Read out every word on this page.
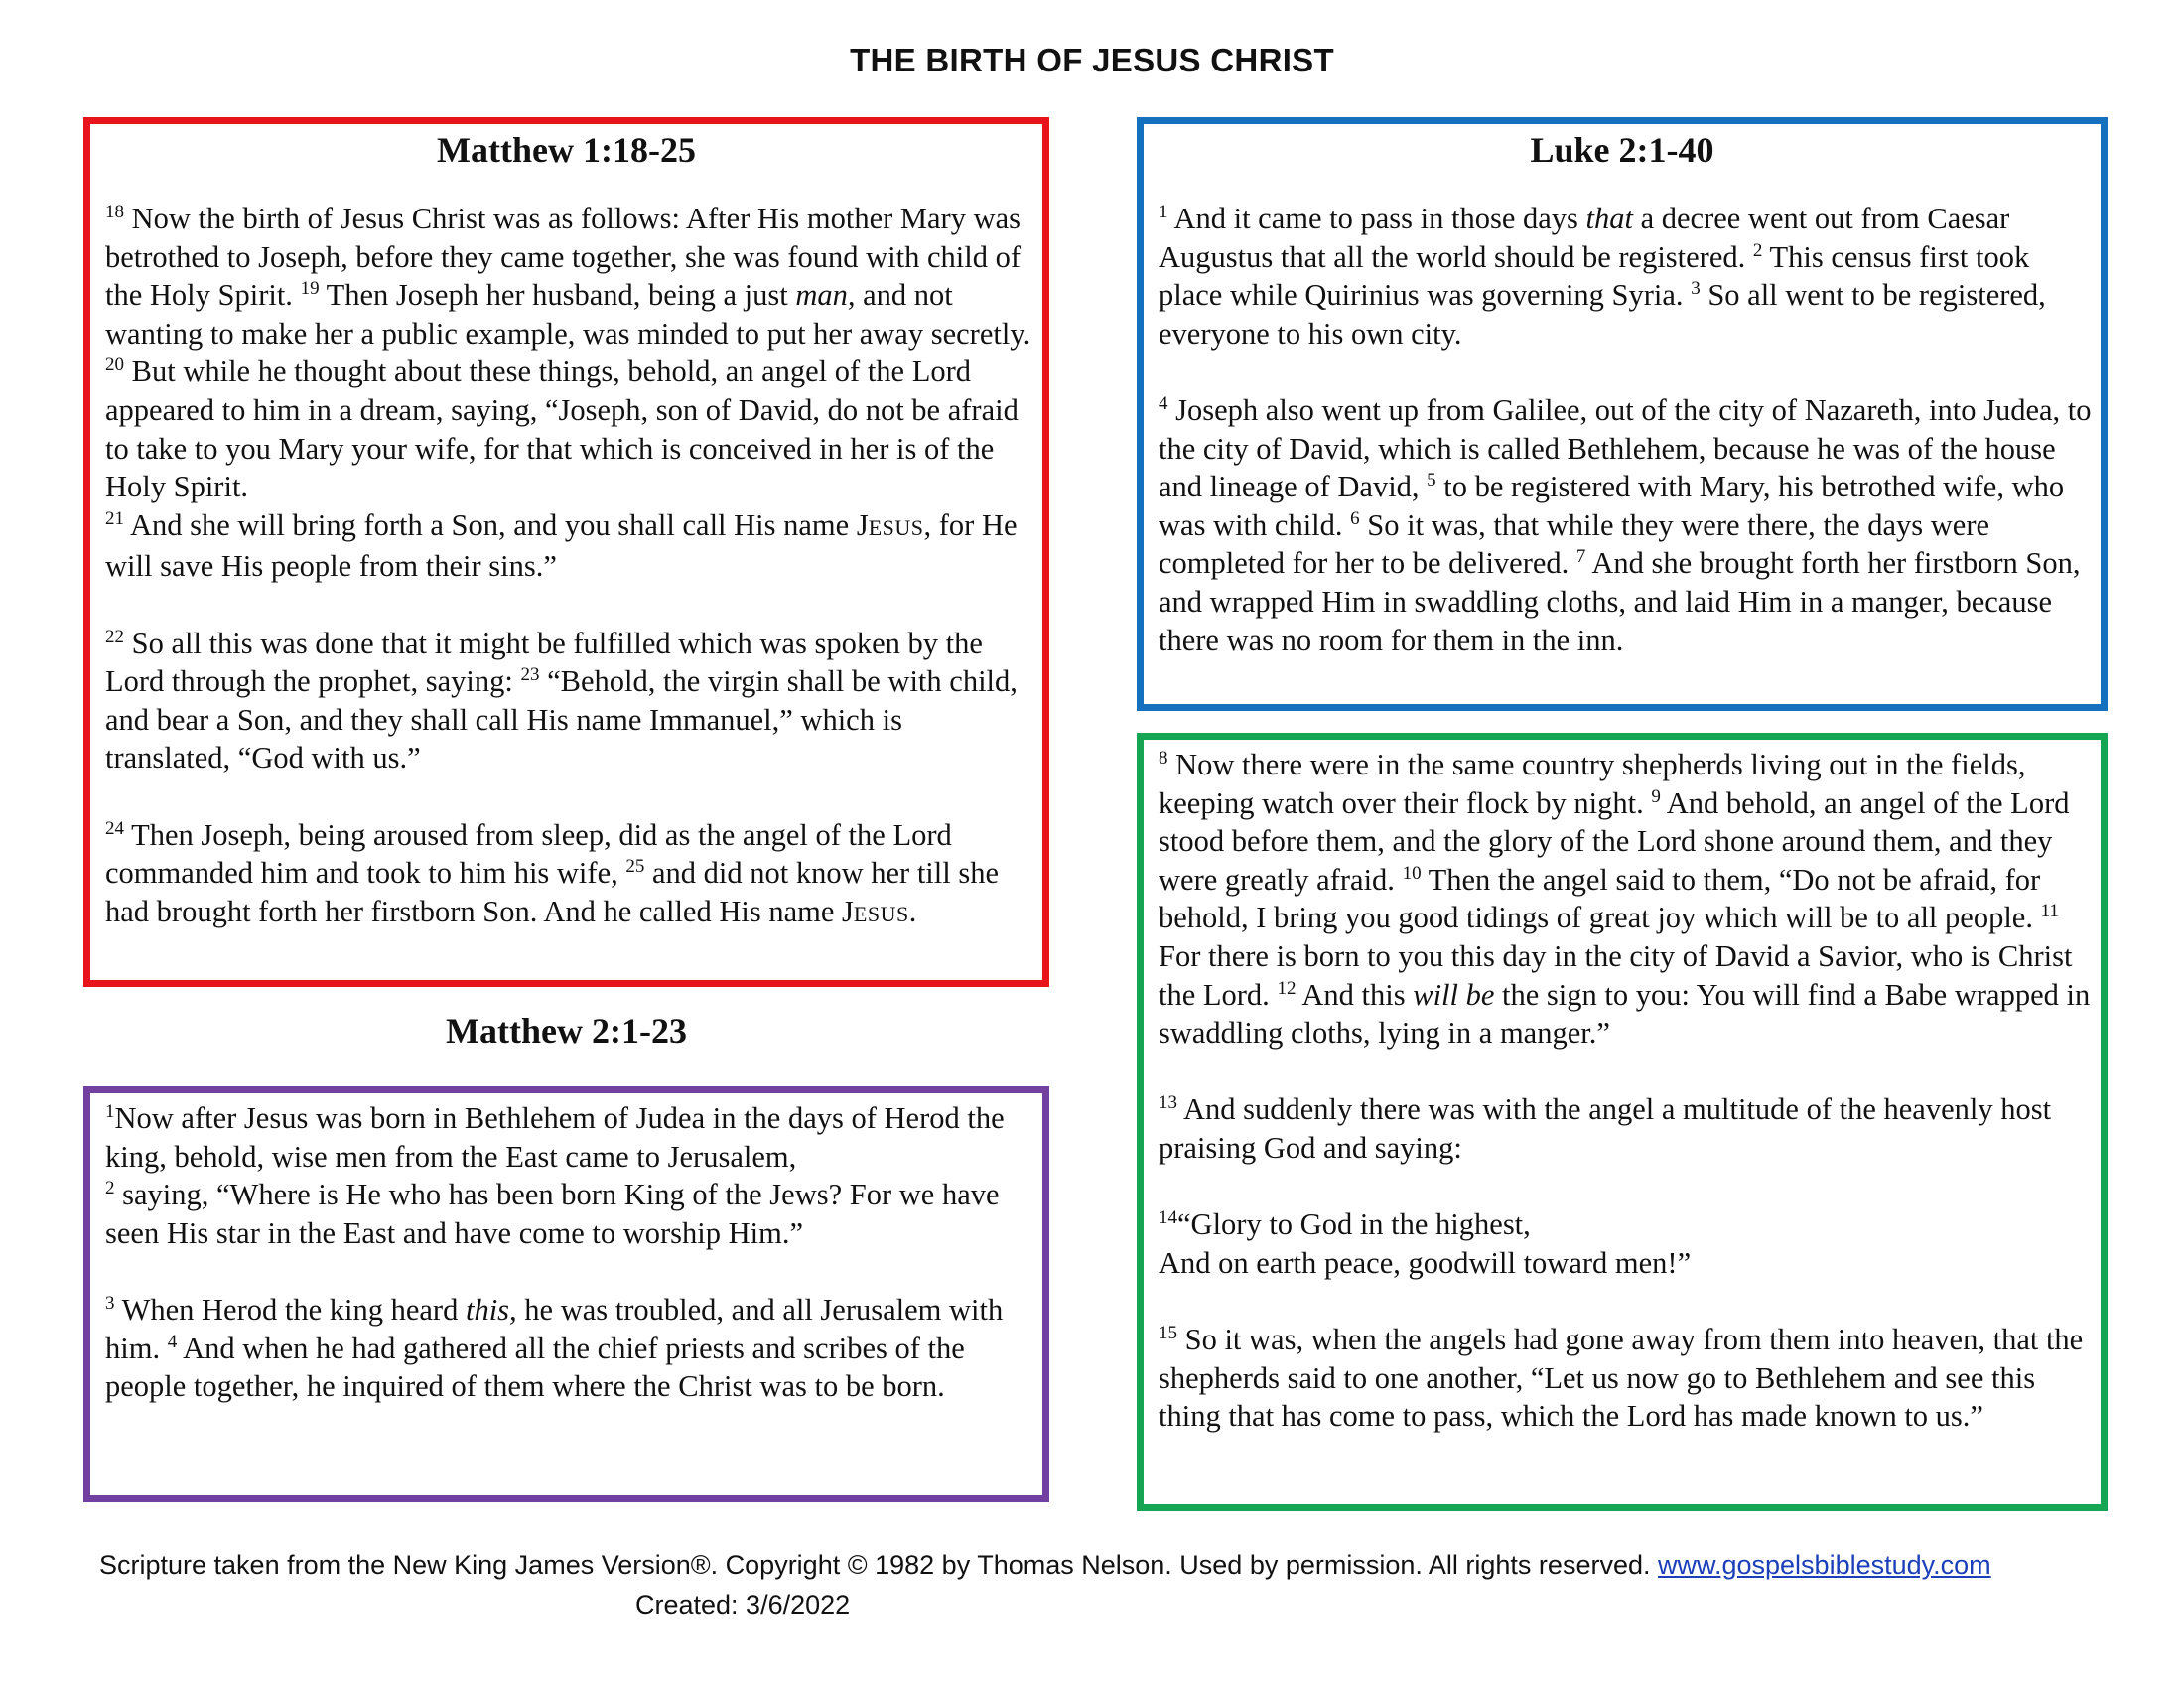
THE BIRTH OF JESUS CHRIST
Matthew 1:18-25

$^{18}$ Now the birth of Jesus Christ was as follows: After His mother Mary was betrothed to Joseph, before they came together, she was found with child of the Holy Spirit. $^{19}$ Then Joseph her husband, being a just man, and not wanting to make her a public example, was minded to put her away secretly. $^{20}$ But while he thought about these things, behold, an angel of the Lord appeared to him in a dream, saying, “Joseph, son of David, do not be afraid to take to you Mary your wife, for that which is conceived in her is of the Holy Spirit.
$^{21}$ And she will bring forth a Son, and you shall call His name JESUS, for He will save His people from their sins.”

$^{22}$ So all this was done that it might be fulfilled which was spoken by the Lord through the prophet, saying: $^{23}$ “Behold, the virgin shall be with child, and bear a Son, and they shall call His name Immanuel,” which is translated, “God with us.”

$^{24}$ Then Joseph, being aroused from sleep, did as the angel of the Lord commanded him and took to him his wife, $^{25}$ and did not know her till she had brought forth her firstborn Son. And he called His name JESUS.

Matthew 2:1-23

$^1$Now after Jesus was born in Bethlehem of Judea in the days of Herod the king, behold, wise men from the East came to Jerusalem,
$^2$ saying, “Where is He who has been born King of the Jews? For we have seen His star in the East and have come to worship Him.”

$^3$ When Herod the king heard this, he was troubled, and all Jerusalem with him. $^4$ And when he had gathered all the chief priests and scribes of the people together, he inquired of them where the Christ was to be born.

Luke 2:1-40

$^1$ And it came to pass in those days that a decree went out from Caesar Augustus that all the world should be registered. $^2$ This census first took place while Quirinius was governing Syria. $^3$ So all went to be registered, everyone to his own city.

$^4$ Joseph also went up from Galilee, out of the city of Nazareth, into Judea, to the city of David, which is called Bethlehem, because he was of the house and lineage of David, $^5$ to be registered with Mary, his betrothed wife, who was with child. $^6$ So it was, that while they were there, the days were completed for her to be delivered. $^7$ And she brought forth her firstborn Son, and wrapped Him in swaddling cloths, and laid Him in a manger, because there was no room for them in the inn.

$^8$ Now there were in the same country shepherds living out in the fields, keeping watch over their flock by night. $^9$ And behold, an angel of the Lord stood before them, and the glory of the Lord shone around them, and they were greatly afraid. $^{10}$ Then the angel said to them, “Do not be afraid, for behold, I bring you good tidings of great joy which will be to all people. $^{11}$ For there is born to you this day in the city of David a Savior, who is Christ the Lord. $^{12}$ And this will be the sign to you: You will find a Babe wrapped in swaddling cloths, lying in a manger.”

$^{13}$ And suddenly there was with the angel a multitude of the heavenly host praising God and saying:

$^{14}$“Glory to God in the highest,
And on earth peace, goodwill toward men!”

$^{15}$ So it was, when the angels had gone away from them into heaven, that the shepherds said to one another, “Let us now go to Bethlehem and see this thing that has come to pass, which the Lord has made known to us.”

Scripture taken from the New King James Version®. Copyright © 1982 by Thomas Nelson. Used by permission. All rights reserved. www.gospelsbiblestudy.com
Created: 3/6/2022
